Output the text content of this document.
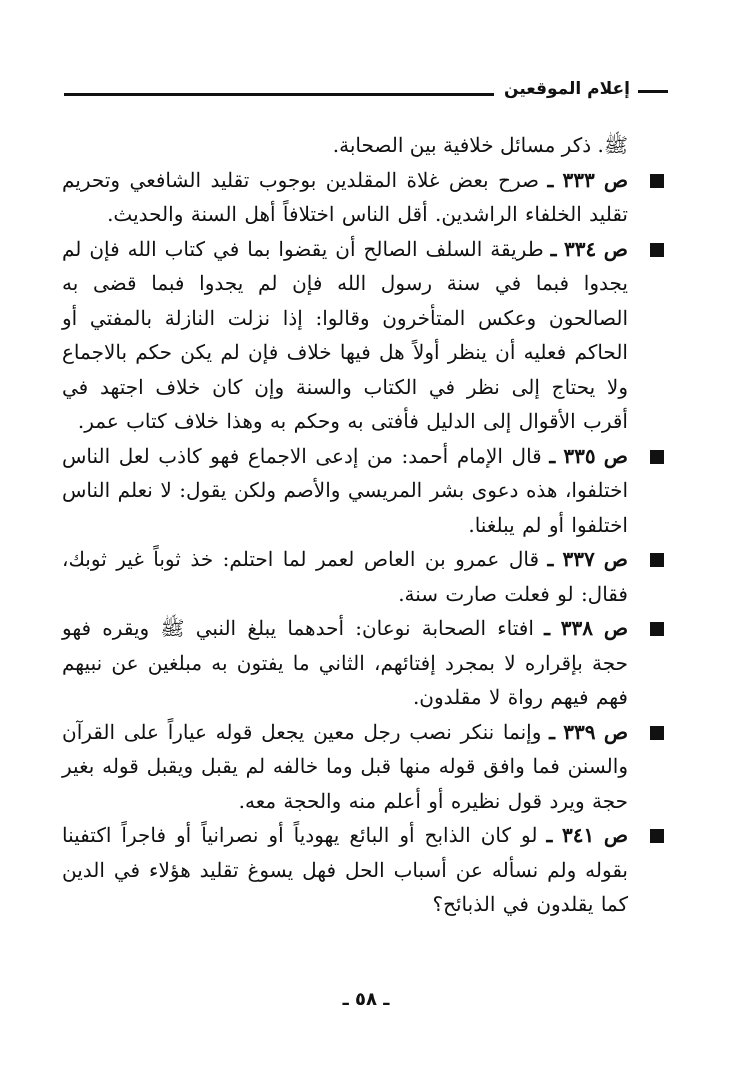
إعلام الموقعين

ﷺ. ذكر مسائل خلافية بين الصحابة.

ص ٣٣٣ ـ صرح بعض غلاة المقلدين بوجوب تقليد الشافعي وتحريم تقليد الخلفاء الراشدين. أقل الناس اختلافاً أهل السنة والحديث.

ص ٣٣٤ ـ طريقة السلف الصالح أن يقضوا بما في كتاب الله فإن لم يجدوا فبما في سنة رسول الله فإن لم يجدوا فبما قضى به الصالحون وعكس المتأخرون وقالوا: إذا نزلت النازلة بالمفتي أو الحاكم فعليه أن ينظر أولاً هل فيها خلاف فإن لم يكن حكم بالاجماع ولا يحتاج إلى نظر في الكتاب والسنة وإن كان خلاف اجتهد في أقرب الأقوال إلى الدليل فأفتى به وحكم به وهذا خلاف كتاب عمر.

ص ٣٣٥ ـ قال الإمام أحمد: من إدعى الاجماع فهو كاذب لعل الناس اختلفوا، هذه دعوى بشر المريسي والأصم ولكن يقول: لا نعلم الناس اختلفوا أو لم يبلغنا.

ص ٣٣٧ ـ قال عمرو بن العاص لعمر لما احتلم: خذ ثوباً غير ثوبك، فقال: لو فعلت صارت سنة.

ص ٣٣٨ ـ افتاء الصحابة نوعان: أحدهما يبلغ النبي ﷺ ويقره فهو حجة بإقراره لا بمجرد إفتائهم، الثاني ما يفتون به مبلغين عن نبيهم فهم فيهم رواة لا مقلدون.

ص ٣٣٩ ـ وإنما ننكر نصب رجل معين يجعل قوله عياراً على القرآن والسنن فما وافق قوله منها قبل وما خالفه لم يقبل ويقبل قوله بغير حجة ويرد قول نظيره أو أعلم منه والحجة معه.

ص ٣٤١ ـ لو كان الذابح أو البائع يهودياً أو نصرانياً أو فاجراً اكتفينا بقوله ولم نسأله عن أسباب الحل فهل يسوغ تقليد هؤلاء في الدين كما يقلدون في الذبائح؟

ـ ٥٨ ـ
